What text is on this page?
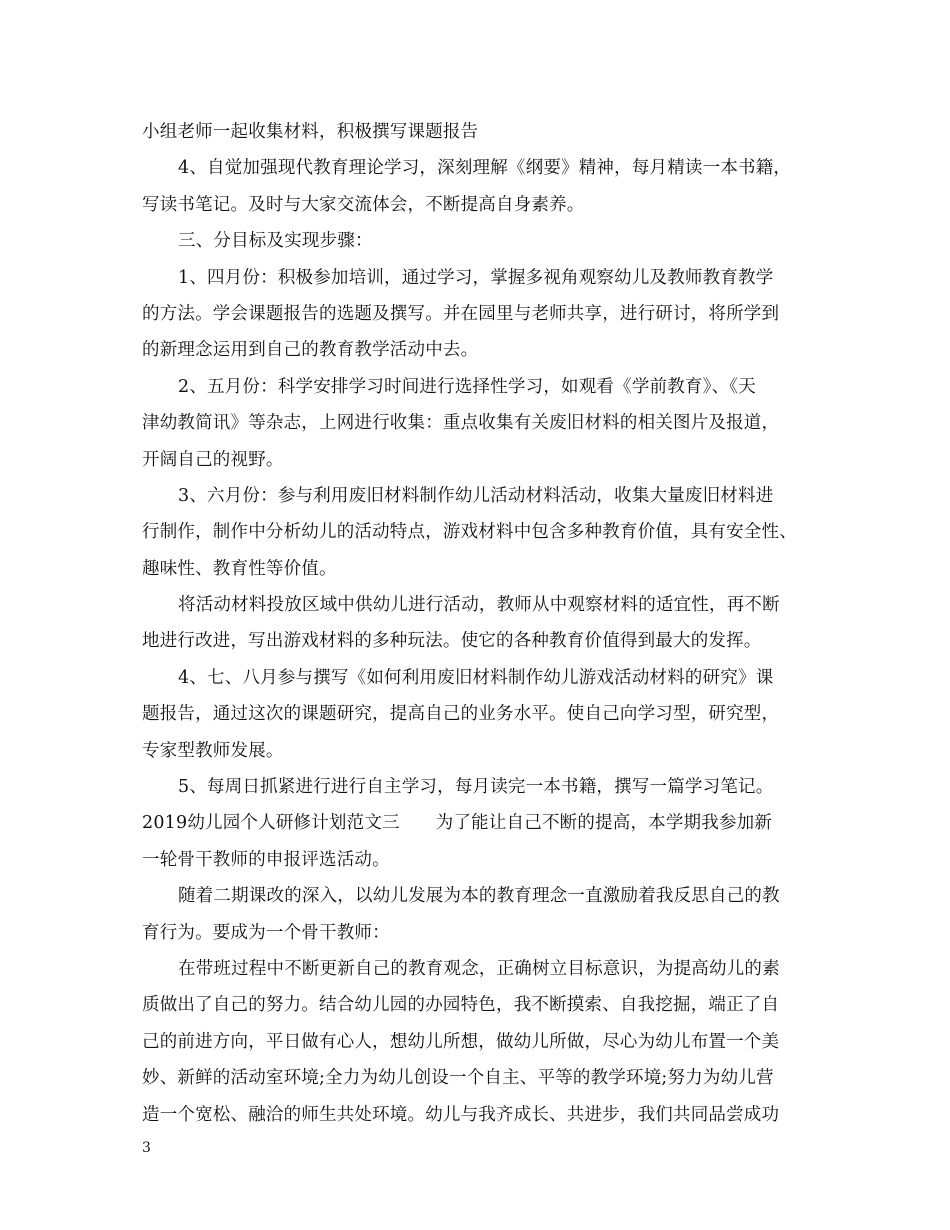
小组老师一起收集材料，积极撰写课题报告
4、自觉加强现代教育理论学习，深刻理解《纲要》精神，每月精读一本书籍，
写读书笔记。及时与大家交流体会，不断提高自身素养。
三、分目标及实现步骤：
1、四月份：积极参加培训，通过学习，掌握多视角观察幼儿及教师教育教学
的方法。学会课题报告的选题及撰写。并在园里与老师共享，进行研讨，将所学到
的新理念运用到自己的教育教学活动中去。
2、五月份：科学安排学习时间进行选择性学习，如观看《学前教育》、《天
津幼教简讯》等杂志，上网进行收集：重点收集有关废旧材料的相关图片及报道，
开阔自己的视野。
3、六月份：参与利用废旧材料制作幼儿活动材料活动，收集大量废旧材料进
行制作，制作中分析幼儿的活动特点，游戏材料中包含多种教育价值，具有安全性、
趣味性、教育性等价值。
将活动材料投放区域中供幼儿进行活动，教师从中观察材料的适宜性，再不断
地进行改进，写出游戏材料的多种玩法。使它的各种教育价值得到最大的发挥。
4、七、八月参与撰写《如何利用废旧材料制作幼儿游戏活动材料的研究》课
题报告，通过这次的课题研究，提高自己的业务水平。使自己向学习型，研究型，
专家型教师发展。
5、每周日抓紧进行进行自主学习，每月读完一本书籍，撰写一篇学习笔记。
2019幼儿园个人研修计划范文三 为了能让自己不断的提高，本学期我参加新
一轮骨干教师的申报评选活动。
随着二期课改的深入，以幼儿发展为本的教育理念一直激励着我反思自己的教
育行为。要成为一个骨干教师：
在带班过程中不断更新自己的教育观念，正确树立目标意识，为提高幼儿的素
质做出了自己的努力。结合幼儿园的办园特色，我不断摸索、自我挖掘，端正了自
己的前进方向，平日做有心人，想幼儿所想，做幼儿所做，尽心为幼儿布置一个美
妙、新鲜的活动室环境;全力为幼儿创设一个自主、平等的教学环境;努力为幼儿营
造一个宽松、融洽的师生共处环境。幼儿与我齐成长、共进步，我们共同品尝成功
3
